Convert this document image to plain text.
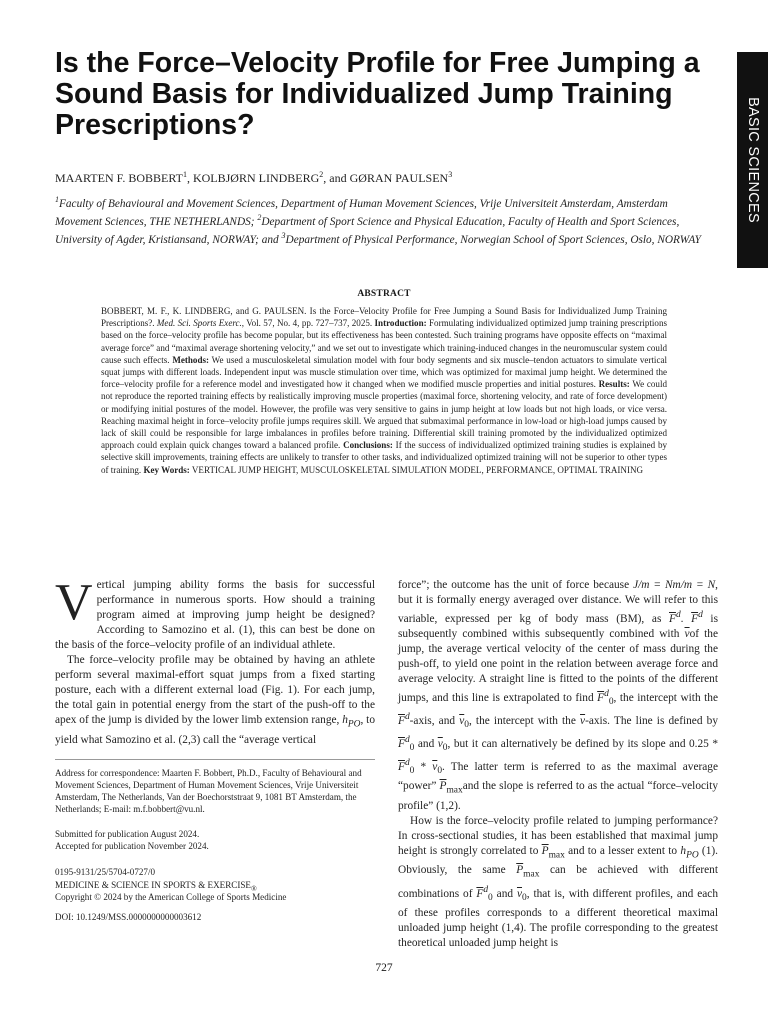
BASIC SCIENCES
Is the Force–Velocity Profile for Free Jumping a Sound Basis for Individualized Jump Training Prescriptions?
MAARTEN F. BOBBERT$^1$, KOLBJØRN LINDBERG$^2$, and GØRAN PAULSEN$^3$

$^1$Faculty of Behavioural and Movement Sciences, Department of Human Movement Sciences, Vrije Universiteit Amsterdam, Amsterdam Movement Sciences, THE NETHERLANDS; $^2$Department of Sport Science and Physical Education, Faculty of Health and Sport Sciences, University of Agder, Kristiansand, NORWAY; and $^3$Department of Physical Performance, Norwegian School of Sport Sciences, Oslo, NORWAY

ABSTRACT

BOBBERT, M. F., K. LINDBERG, and G. PAULSEN. Is the Force–Velocity Profile for Free Jumping a Sound Basis for Individualized Jump Training Prescriptions?. Med. Sci. Sports Exerc., Vol. 57, No. 4, pp. 727–737, 2025. Introduction: Formulating individualized optimized jump training prescriptions based on the force–velocity profile has become popular, but its effectiveness has been contested. Such training programs have opposite effects on “maximal average force” and “maximal average shortening velocity,” and we set out to investigate which training-induced changes in the neuromuscular system could cause such effects. Methods: We used a musculoskeletal simulation model with four body segments and six muscle–tendon actuators to simulate vertical squat jumps with different loads. Independent input was muscle stimulation over time, which was optimized for maximal jump height. We determined the force–velocity profile for a reference model and investigated how it changed when we modified muscle properties and initial postures. Results: We could not reproduce the reported training effects by realistically improving muscle properties (maximal force, shortening velocity, and rate of force development) or modifying initial postures of the model. However, the profile was very sensitive to gains in jump height at low loads but not high loads, or vice versa. Reaching maximal height in force–velocity profile jumps requires skill. We argued that submaximal performance in low-load or high-load jumps caused by lack of skill could be responsible for large imbalances in profiles before training. Differential skill training promoted by the individualized optimized approach could explain quick changes toward a balanced profile. Conclusions: If the success of individualized optimized training studies is explained by selective skill improvements, training effects are unlikely to transfer to other tasks, and individualized optimized training will not be superior to other types of training. Key Words: VERTICAL JUMP HEIGHT, MUSCULOSKELETAL SIMULATION MODEL, PERFORMANCE, OPTIMAL TRAINING

Vertical jumping ability forms the basis for successful performance in numerous sports. How should a training program aimed at improving jump height be designed? According to Samozino et al. (1), this can best be done on the basis of the force–velocity profile of an individual athlete.

The force–velocity profile may be obtained by having an athlete perform several maximal-effort squat jumps from a fixed starting posture, each with a different external load (Fig. 1). For each jump, the total gain in potential energy from the start of the push-off to the apex of the jump is divided by the lower limb extension range, $h_{PO}$, to yield what Samozino et al. (2,3) call the “average vertical

Address for correspondence: Maarten F. Bobbert, Ph.D., Faculty of Behavioural and Movement Sciences, Department of Human Movement Sciences, Vrije Universiteit Amsterdam, The Netherlands, Van der Boechorststraat 9, 1081 BT Amsterdam, the Netherlands; E-mail: m.f.bobbert@vu.nl.

Submitted for publication August 2024.

Accepted for publication November 2024.

0195-9131/25/5704-0727/0

MEDICINE & SCIENCE IN SPORTS & $EXERCISE_®$

Copyright © 2024 by the American College of Sports Medicine

DOI: 10.1249/MSS.0000000000003612

force”; the outcome has the unit of force because J/m = Nm/m = N, but it is formally energy averaged over distance. We will refer to this variable, expressed per kg of body mass (BM), as $\overline{F}^d$. $\overline{F}^d$ is subsequently combined withis subsequently combined with $\overline{v}of$ the jump, the average vertical velocity of the center of mass during the push-off, to yield one point in the relation between average force and average velocity. A straight line is fitted to the points of the different jumps, and this line is extrapolated to find $\overline{F}^d_0$, the intercept with the $\overline{F}^d$-axis, and $\overline{v}_0$, the intercept with the $\overline{v}$-axis. The line is defined by $\overline{F}^d_0$ and $\overline{v}_0$, but it can alternatively be defined by its slope and $0.25 * \overline{F}^d_0 * \overline{v}_0$. The latter term is referred to as the maximal average “power” $\overline{P}_{max}and$ the slope is referred to as the actual “force–velocity profile” (1,2).

How is the force–velocity profile related to jumping performance? In cross-sectional studies, it has been established that maximal jump height is strongly correlated to $\overline{P}_{max}$ and to a lesser extent to $h_{PO}$ (1). Obviously, the same $\overline{P}_{max}$ can be achieved with different combinations of $\overline{F}^d_0$ and $\overline{v}_0$, that is, with different profiles, and each of these profiles corresponds to a different theoretical maximal unloaded jump height (1,4). The profile corresponding to the greatest theoretical unloaded jump height is

727
